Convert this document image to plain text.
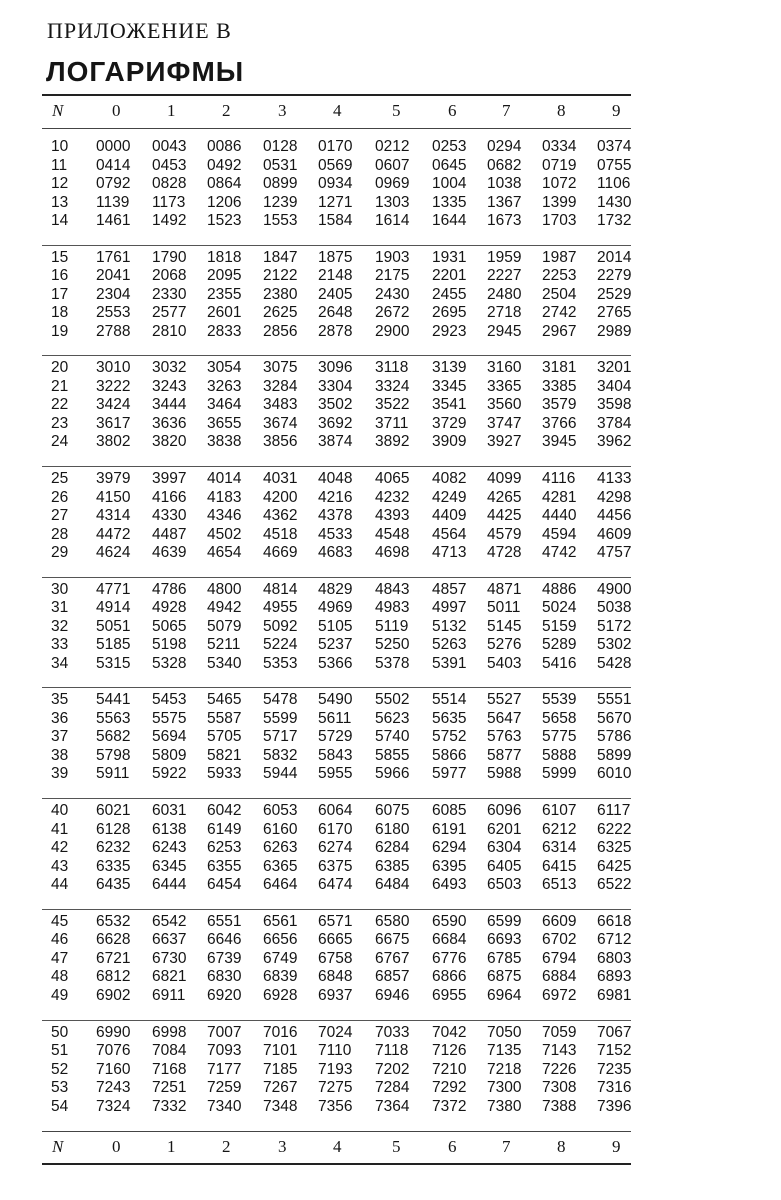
ПРИЛОЖЕНИЕ В
ЛОГАРИФМЫ
N	0	1	2	3	4	5	6	7	8	9
10 0000 0043 0086 0128 0170 0212 0253 0294 0334 0374
11 0414 0453 0492 0531 0569 0607 0645 0682 0719 0755
12 0792 0828 0864 0899 0934 0969 1004 1038 1072 1106
13 1139 1173 1206 1239 1271 1303 1335 1367 1399 1430
14 1461 1492 1523 1553 1584 1614 1644 1673 1703 1732
15 1761 1790 1818 1847 1875 1903 1931 1959 1987 2014
16 2041 2068 2095 2122 2148 2175 2201 2227 2253 2279
17 2304 2330 2355 2380 2405 2430 2455 2480 2504 2529
18 2553 2577 2601 2625 2648 2672 2695 2718 2742 2765
19 2788 2810 2833 2856 2878 2900 2923 2945 2967 2989
20 3010 3032 3054 3075 3096 3118 3139 3160 3181 3201
21 3222 3243 3263 3284 3304 3324 3345 3365 3385 3404
22 3424 3444 3464 3483 3502 3522 3541 3560 3579 3598
23 3617 3636 3655 3674 3692 3711 3729 3747 3766 3784
24 3802 3820 3838 3856 3874 3892 3909 3927 3945 3962
25 3979 3997 4014 4031 4048 4065 4082 4099 4116 4133
26 4150 4166 4183 4200 4216 4232 4249 4265 4281 4298
27 4314 4330 4346 4362 4378 4393 4409 4425 4440 4456
28 4472 4487 4502 4518 4533 4548 4564 4579 4594 4609
29 4624 4639 4654 4669 4683 4698 4713 4728 4742 4757
30 4771 4786 4800 4814 4829 4843 4857 4871 4886 4900
31 4914 4928 4942 4955 4969 4983 4997 5011 5024 5038
32 5051 5065 5079 5092 5105 5119 5132 5145 5159 5172
33 5185 5198 5211 5224 5237 5250 5263 5276 5289 5302
34 5315 5328 5340 5353 5366 5378 5391 5403 5416 5428
35 5441 5453 5465 5478 5490 5502 5514 5527 5539 5551
36 5563 5575 5587 5599 5611 5623 5635 5647 5658 5670
37 5682 5694 5705 5717 5729 5740 5752 5763 5775 5786
38 5798 5809 5821 5832 5843 5855 5866 5877 5888 5899
39 5911 5922 5933 5944 5955 5966 5977 5988 5999 6010
40 6021 6031 6042 6053 6064 6075 6085 6096 6107 6117
41 6128 6138 6149 6160 6170 6180 6191 6201 6212 6222
42 6232 6243 6253 6263 6274 6284 6294 6304 6314 6325
43 6335 6345 6355 6365 6375 6385 6395 6405 6415 6425
44 6435 6444 6454 6464 6474 6484 6493 6503 6513 6522
45 6532 6542 6551 6561 6571 6580 6590 6599 6609 6618
46 6628 6637 6646 6656 6665 6675 6684 6693 6702 6712
47 6721 6730 6739 6749 6758 6767 6776 6785 6794 6803
48 6812 6821 6830 6839 6848 6857 6866 6875 6884 6893
49 6902 6911 6920 6928 6937 6946 6955 6964 6972 6981
50 6990 6998 7007 7016 7024 7033 7042 7050 7059 7067
51 7076 7084 7093 7101 7110 7118 7126 7135 7143 7152
52 7160 7168 7177 7185 7193 7202 7210 7218 7226 7235
53 7243 7251 7259 7267 7275 7284 7292 7300 7308 7316
54 7324 7332 7340 7348 7356 7364 7372 7380 7388 7396
N	0	1	2	3	4	5	6	7	8	9
